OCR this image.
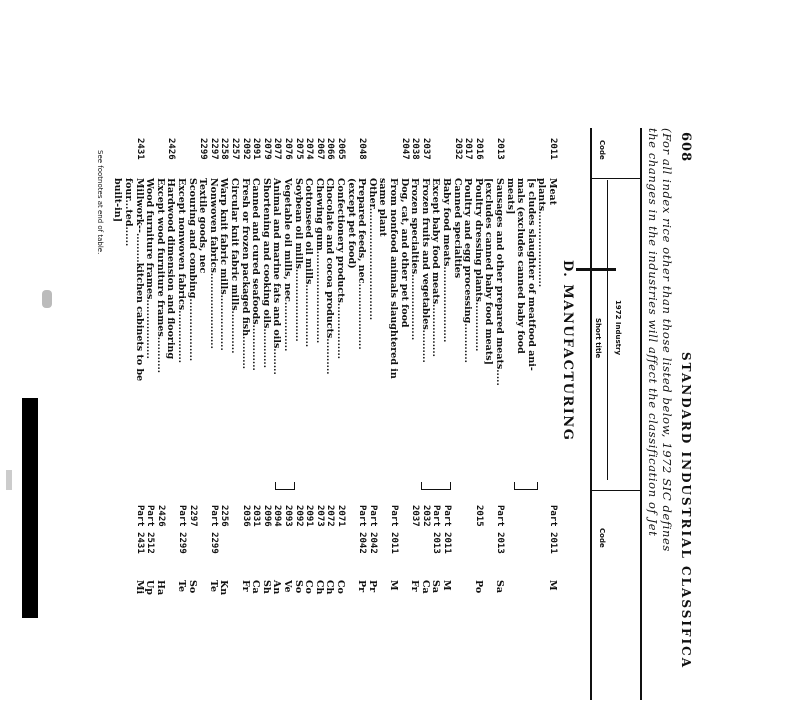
608
STANDARD INDUSTRIAL CLASSIFICA
(For all index rice other than those listed below, 1972 SIC defines
the changes in the industries will affect the classification of Jet
1972 Industry
Code
Short title
Code
D. MANUFACTURING
2011
Meat
Part 2011
M
plants.......................
[s cludes slaughter of meatfood ani-
mals (excludes canned baby food
meats]
2013
Sausages and other prepared meats.....
Part 2013
Sa
[excludes canned baby food meats]
2016
Poultry dressing plants...............
2015
Po
2017
Poultry and egg processing............
2032
Canned specialties
Baby food meats.......................
Part 2011
M
Except baby food meats................
Part 2013
Sa
2037
Frozen fruits and vegetables..........
2032
Ca
2038
Frozen specialties....................
2037
Fr
2047
Dog, cat, and other pet food
From nonfood animals slaughtered in
Part 2011
M
same plant
Other..................................
Part 2042
Pr
2048
Prepared feeds, nec....................
Part 2042
Pr
(except pet food)
2065
Confectionery products.................
2071
Co
2066
Chocolate and cocoa products...........
2072
Ch
2067
Chewing gum............................
2073
Ch
2074
Cottonseed oil mills...................
2091
Co
2075
Soybean oil mills......................
2092
So
2076
Vegetable oil mills, nec...............
2093
Ve
2077
Animal and marine fats and oils........
2094
An
2079
Shortening and cooking oils............
2096
Sh
2091
Canned and cured seafoods..............
2031
Ca
2092
Fresh or frozen packaged fish..........
2036
Fr
2257
Circular knit fabric mills.............
2258
Warp knit fabric mills.................
2256
Kn
2297
Nonwoven fabrics.......................
Part 2299
Te
2299
Textile goods, nec
Scouring and combing...................
2297
So
Except nonwoven fabrics................
Part 2299
Te
2426
Hardwood dimension and flooring
Except wood furniture frames...........
2426
Ha
Wood furniture frames..................
Part 2512
Up
2431
Millwork--.........kitchen cabinets to be
Part 2431
Mi
four...ted......
built-in]
See footnotes at end of table.
